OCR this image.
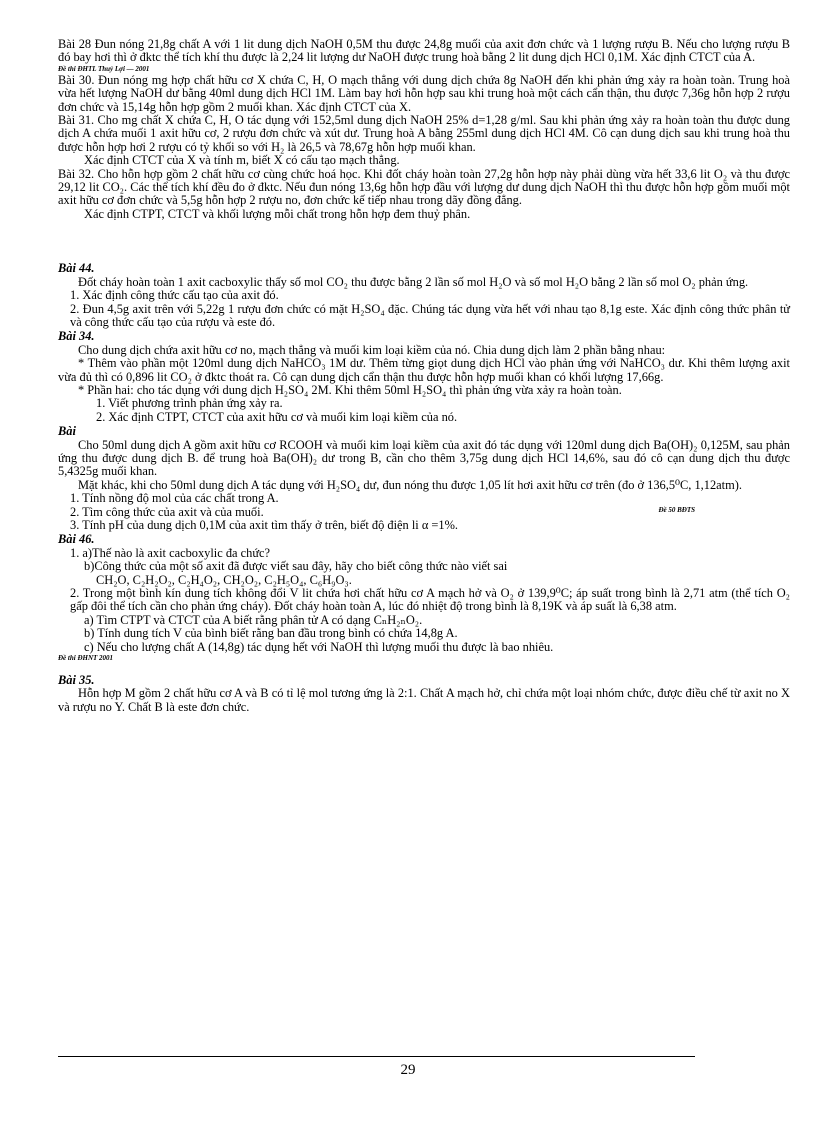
Bài 28 Đun nóng 21,8g chất A với 1 lit dung dịch NaOH 0,5M thu được 24,8g muối của axit đơn chức và 1 lượng rượu B. Nếu cho lượng rượu B đó bay hơi thì ở đktc thể tích khí thu được là 2,24 lit lượng dư NaOH được trung hoà bằng 2 lit dung dịch HCl 0,1M. Xác định CTCT của A.

Đề thi ĐHTL Thuỷ Lợi — 2001

Bài 30. Đun nóng mg hợp chất hữu cơ X chứa C, H, O mạch thẳng với dung dịch chứa 8g NaOH đến khi phản ứng xảy ra hoàn toàn. Trung hoà vừa hết lượng NaOH dư bằng 40ml dung dịch HCl 1M. Làm bay hơi hỗn hợp sau khi trung hoà một cách cẩn thận, thu được 7,36g hỗn hợp 2 rượu đơn chức và 15,14g hỗn hợp gồm 2 muối khan. Xác định CTCT của X.

Bài 31. Cho mg chất X chứa C, H, O tác dụng với 152,5ml dung dịch NaOH 25% d=1,28 g/ml. Sau khi phản ứng xảy ra hoàn toàn thu được dung dịch A chứa muối 1 axit hữu cơ, 2 rượu đơn chức và xút dư. Trung hoà A bằng 255ml dung dịch HCl 4M. Cô cạn dung dịch sau khi trung hoà thu được hỗn hợp hơi 2 rượu có tỷ khối so với H₂ là 26,5 và 78,67g hỗn hợp muối khan.

Xác định CTCT của X và tính m, biết X có cấu tạo mạch thẳng.

Bài 32. Cho hỗn hợp gồm 2 chất hữu cơ cùng chức hoá học. Khi đốt cháy hoàn toàn 27,2g hỗn hợp này phải dùng vừa hết 33,6 lit O₂ và thu được 29,12 lit CO₂. Các thể tích khí đều đo ở đktc. Nếu đun nóng 13,6g hỗn hợp đầu với lượng dư dung dịch NaOH thì thu được hỗn hợp gồm muối một axit hữu cơ đơn chức và 5,5g hỗn hợp 2 rượu no, đơn chức kế tiếp nhau trong dãy đồng đẳng.

Xác định CTPT, CTCT và khối lượng mỗi chất trong hỗn hợp đem thuỷ phân.

Bài 44.

Đốt cháy hoàn toàn 1 axit cacboxylic thấy số mol CO₂ thu được bằng 2 lần số mol H₂O và số mol H₂O bằng 2 lần số mol O₂ phản ứng.

1. Xác định công thức cấu tạo của axit đó.

2. Đun 4,5g axit trên với 5,22g 1 rượu đơn chức có mặt H₂SO₄ đặc. Chúng tác dụng vừa hết với nhau tạo 8,1g este. Xác định công thức phân tử và công thức cấu tạo của rượu và este đó.

Bài 34.

Cho dung dịch chứa axit hữu cơ no, mạch thẳng và muối kim loại kiềm của nó. Chia dung dịch làm 2 phần bằng nhau:

* Thêm vào phần một 120ml dung dịch NaHCO₃ 1M dư. Thêm từng giọt dung dịch HCl vào phản ứng với NaHCO₃ dư. Khi thêm lượng axit vừa đủ thì có 0,896 lit CO₂ ở đktc thoát ra. Cô cạn dung dịch cẩn thận thu được hỗn hợp muối khan có khối lượng 17,66g.

* Phần hai: cho tác dụng với dung dịch H₂SO₄ 2M. Khi thêm 50ml H₂SO₄ thì phản ứng vừa xảy ra hoàn toàn.

1. Viết phương trình phản ứng xảy ra.

2. Xác định CTPT, CTCT của axit hữu cơ và muối kim loại kiềm của nó.

Bài

Cho 50ml dung dịch A gồm axit hữu cơ RCOOH và muối kim loại kiềm của axit đó tác dụng với 120ml dung dịch Ba(OH)₂ 0,125M, sau phản ứng thu được dung dịch B. để trung hoà Ba(OH)₂ dư trong B, cần cho thêm 3,75g dung dịch HCl 14,6%, sau đó cô cạn dung dịch thu được 5,4325g muối khan.

Mặt khác, khi cho 50ml dung dịch A tác dụng với H₂SO₄ dư, đun nóng thu được 1,05 lít hơi axit hữu cơ trên (đo ở 136,5⁰C, 1,12atm).

1. Tính nồng độ mol của các chất trong A.

2. Tìm công thức của axit và của muối.	Đề 50 BĐTS

3. Tính pH của dung dịch 0,1M của axit tìm thấy ở trên, biết độ điện li α =1%.

Bài 46.

1. a)Thế nào là axit cacboxylic đa chức?

b)Công thức của một số axit đã được viết sau đây, hãy cho biết công thức nào viết sai

CH₂O, C₂H₂O₂, C₂H₄O₂, CH₂O₂, C₂H₅O₄, C₆H₉O₃.

2. Trong một bình kín dung tích không đổi V lit chứa hơi chất hữu cơ A mạch hở và O₂ ở 139,9⁰C; áp suất trong bình là 2,71 atm (thể tích O₂ gấp đôi thể tích cần cho phản ứng cháy). Đốt cháy hoàn toàn A, lúc đó nhiệt độ trong bình là 8,19K và áp suất là 6,38 atm.

a) Tìm CTPT và CTCT của A biết rằng phân tử A có dạng CₙH₂ₙO₂.

b) Tính dung tích V của bình biết rằng ban đầu trong bình có chứa 14,8g A.

c) Nếu cho lượng chất A (14,8g) tác dụng hết với NaOH thì lượng muối thu được là bao nhiêu.

Đề thi ĐHNT 2001

Bài 35.

Hỗn hợp M gồm 2 chất hữu cơ A và B có tỉ lệ mol tương ứng là 2:1. Chất A mạch hở, chỉ chứa một loại nhóm chức, được điều chế từ axit no X và rượu no Y. Chất B là este đơn chức.

29
